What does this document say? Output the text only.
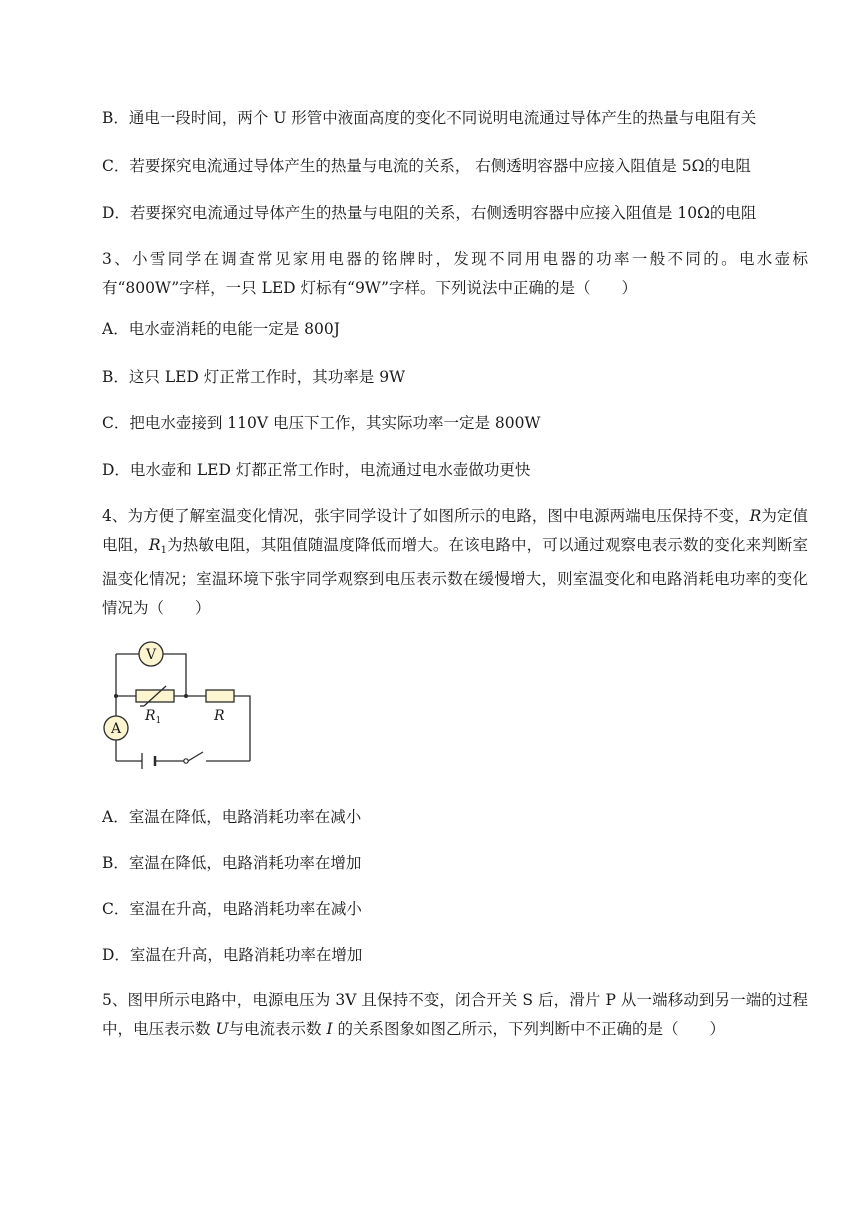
B．通电一段时间，两个 U 形管中液面高度的变化不同说明电流通过导体产生的热量与电阻有关
C．若要探究电流通过导体产生的热量与电流的关系， 右侧透明容器中应接入阻值是 5Ω的电阻
D．若要探究电流通过导体产生的热量与电阻的关系，右侧透明容器中应接入阻值是 10Ω的电阻
3、小雪同学在调查常见家用电器的铭牌时，发现不同用电器的功率一般不同的。电水壶标有“800W”字样，一只 LED 灯标有“9W”字样。下列说法中正确的是（　　）
A．电水壶消耗的电能一定是 800J
B．这只 LED 灯正常工作时，其功率是 9W
C．把电水壶接到 110V 电压下工作，其实际功率一定是 800W
D．电水壶和 LED 灯都正常工作时，电流通过电水壶做功更快
4、为方便了解室温变化情况，张宇同学设计了如图所示的电路，图中电源两端电压保持不变，R为定值电阻，$R_1$为热敏电阻，其阻值随温度降低而增大。在该电路中，可以通过观察电表示数的变化来判断室温变化情况；室温环境下张宇同学观察到电压表示数在缓慢增大，则室温变化和电路消耗电功率的变化情况为（　　）
V
A
$R_1$	R
A．室温在降低，电路消耗功率在减小
B．室温在降低，电路消耗功率在增加
C．室温在升高，电路消耗功率在减小
D．室温在升高，电路消耗功率在增加
5、图甲所示电路中，电源电压为 3V 且保持不变，闭合开关 S 后，滑片 P 从一端移动到另一端的过程中，电压表示数 U与电流表示数 I 的关系图象如图乙所示，下列判断中不正确的是（　　）
